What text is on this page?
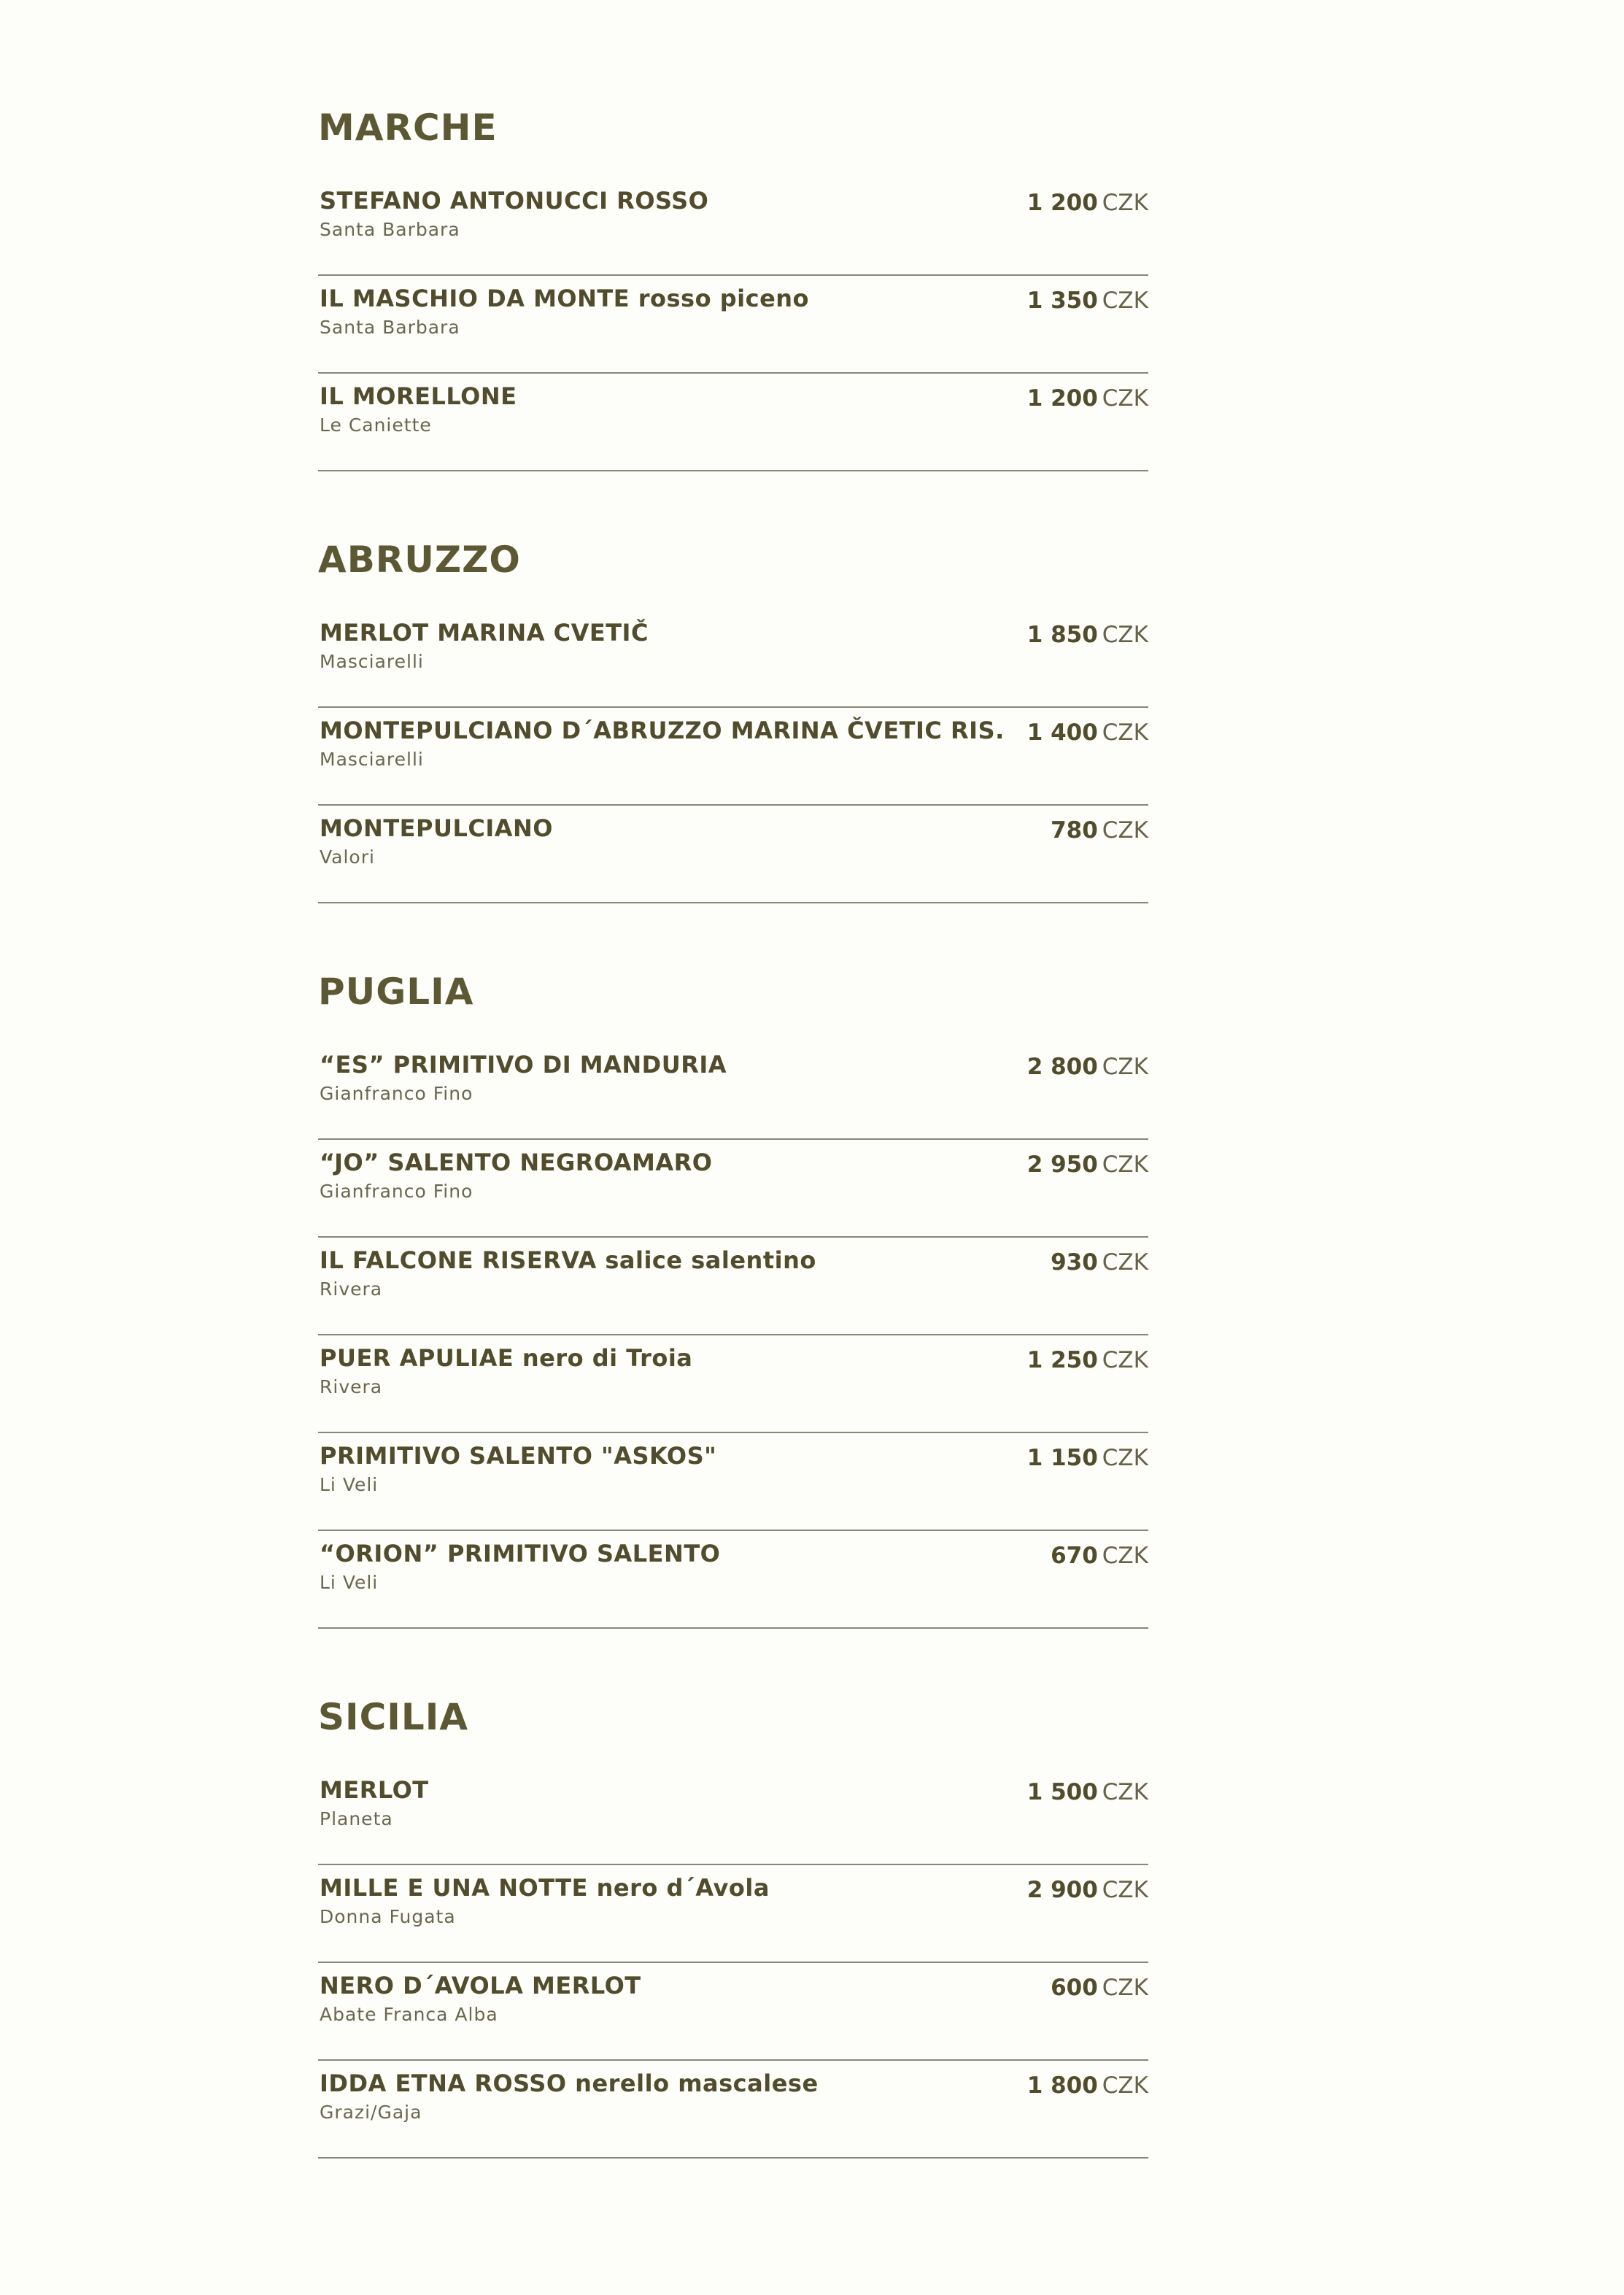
MARCHE
STEFANO ANTONUCCI ROSSO
Santa Barbara
1 200 CZK
IL MASCHIO DA MONTE rosso piceno
Santa Barbara
1 350 CZK
IL MORELLONE
Le Caniette
1 200 CZK
ABRUZZO
MERLOT MARINA CVETIČ
Masciarelli
1 850 CZK
MONTEPULCIANO D´ABRUZZO MARINA ČVETIC RIS.
Masciarelli
1 400 CZK
MONTEPULCIANO
Valori
780 CZK
PUGLIA
“ES” PRIMITIVO DI MANDURIA
Gianfranco Fino
2 800 CZK
“JO” SALENTO NEGROAMARO
Gianfranco Fino
2 950 CZK
IL FALCONE RISERVA salice salentino
Rivera
930 CZK
PUER APULIAE nero di Troia
Rivera
1 250 CZK
PRIMITIVO SALENTO "ASKOS"
Li Veli
1 150 CZK
“ORION” PRIMITIVO SALENTO
Li Veli
670 CZK
SICILIA
MERLOT
Planeta
1 500 CZK
MILLE E UNA NOTTE nero d´Avola
Donna Fugata
2 900 CZK
NERO D´AVOLA MERLOT
Abate Franca Alba
600 CZK
IDDA ETNA ROSSO nerello mascalese
Grazi/Gaja
1 800 CZK
